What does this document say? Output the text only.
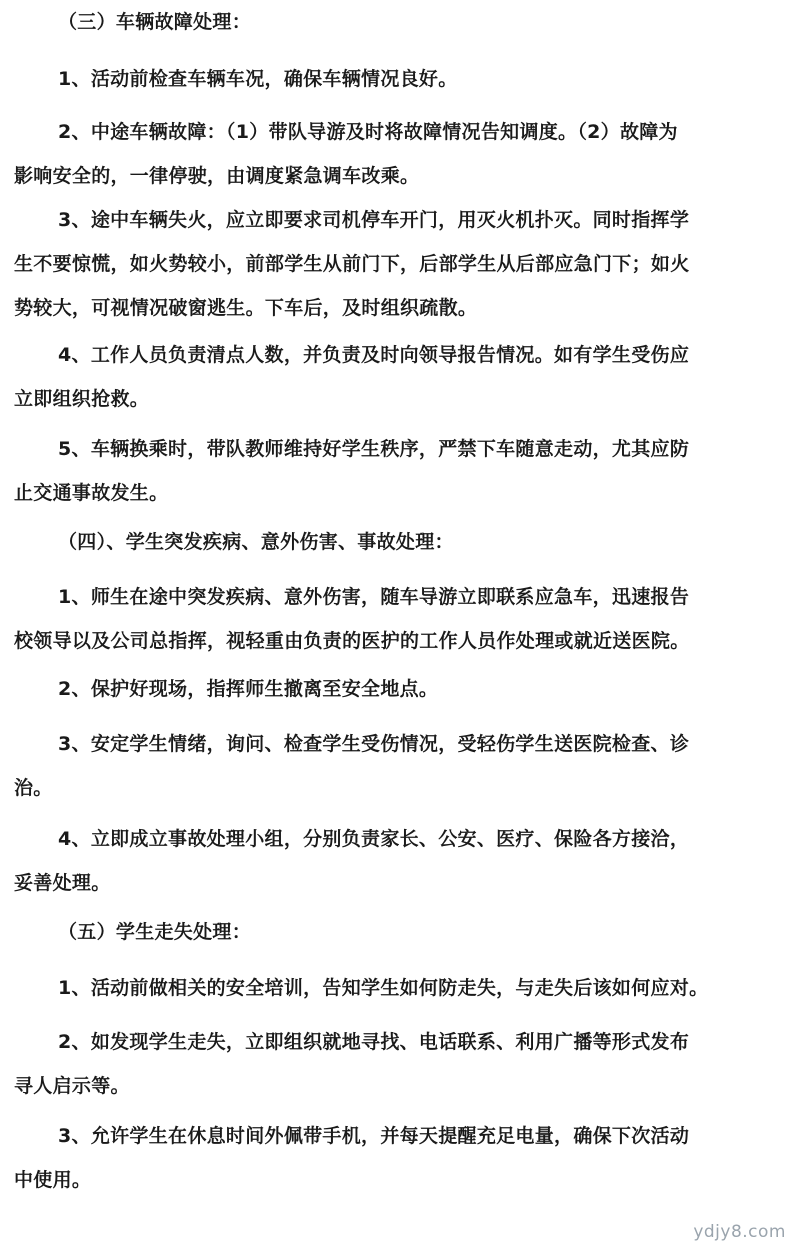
（三）车辆故障处理：
1、活动前检查车辆车况，确保车辆情况良好。
2、中途车辆故障：（1）带队导游及时将故障情况告知调度。（2）故障为
影响安全的，一律停驶，由调度紧急调车改乘。
3、途中车辆失火，应立即要求司机停车开门，用灭火机扑灭。同时指挥学
生不要惊慌，如火势较小，前部学生从前门下，后部学生从后部应急门下；如火
势较大，可视情况破窗逃生。下车后，及时组织疏散。
4、工作人员负责清点人数，并负责及时向领导报告情况。如有学生受伤应
立即组织抢救。
5、车辆换乘时，带队教师维持好学生秩序，严禁下车随意走动，尤其应防
止交通事故发生。
（四）、学生突发疾病、意外伤害、事故处理：
1、师生在途中突发疾病、意外伤害，随车导游立即联系应急车，迅速报告
校领导以及公司总指挥，视轻重由负责的医护的工作人员作处理或就近送医院。
2、保护好现场，指挥师生撤离至安全地点。
3、安定学生情绪，询问、检查学生受伤情况，受轻伤学生送医院检查、诊
治。
4、立即成立事故处理小组，分别负责家长、公安、医疗、保险各方接洽，
妥善处理。
（五）学生走失处理：
1、活动前做相关的安全培训，告知学生如何防走失，与走失后该如何应对。
2、如发现学生走失，立即组织就地寻找、电话联系、利用广播等形式发布
寻人启示等。
3、允许学生在休息时间外佩带手机，并每天提醒充足电量，确保下次活动
中使用。
ydjy8.com
